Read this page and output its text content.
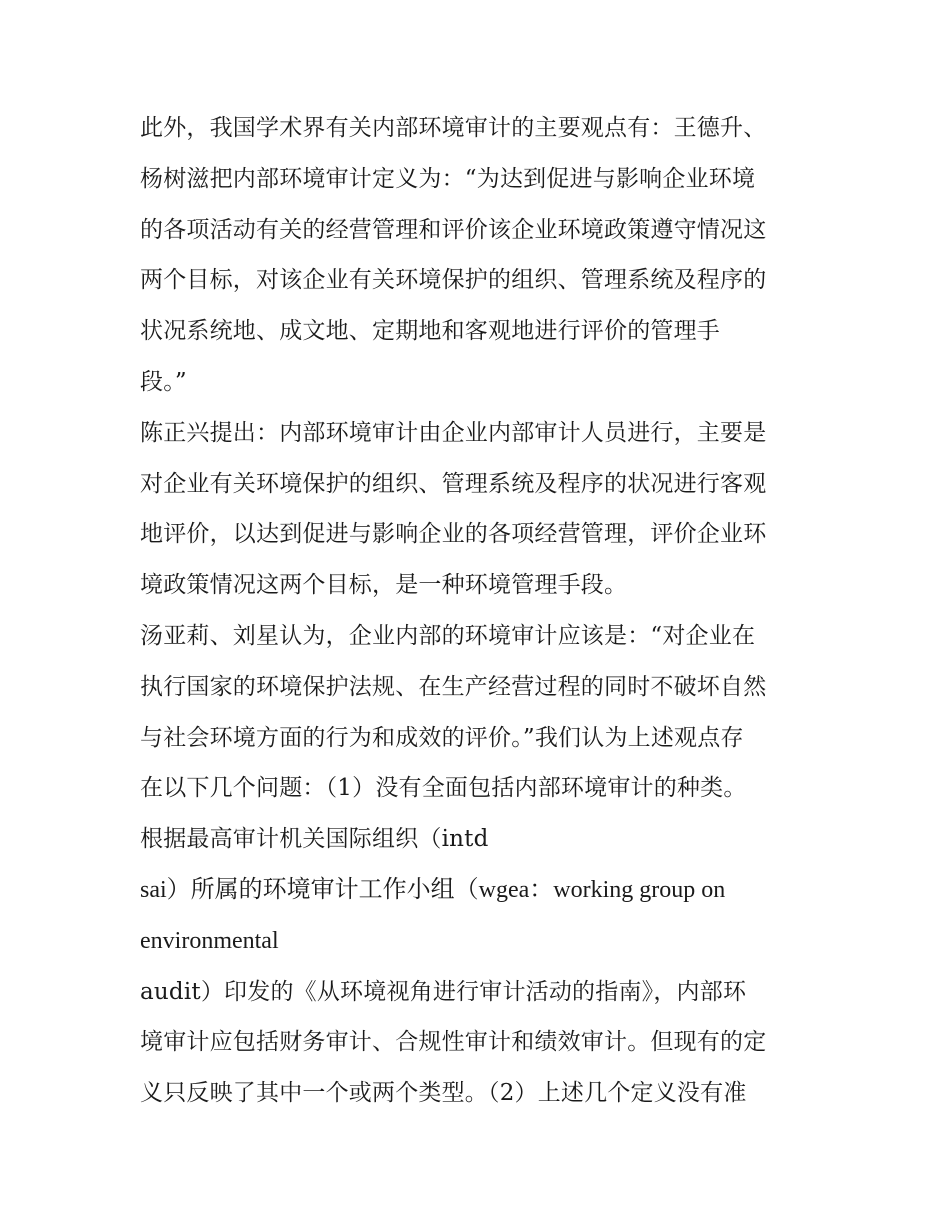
此外，我国学术界有关内部环境审计的主要观点有：王德升、
杨树滋把内部环境审计定义为：“为达到促进与影响企业环境
的各项活动有关的经营管理和评价该企业环境政策遵守情况这
两个目标，对该企业有关环境保护的组织、管理系统及程序的
状况系统地、成文地、定期地和客观地进行评价的管理手
段。”
陈正兴提出：内部环境审计由企业内部审计人员进行，主要是
对企业有关环境保护的组织、管理系统及程序的状况进行客观
地评价，以达到促进与影响企业的各项经营管理，评价企业环
境政策情况这两个目标，是一种环境管理手段。
汤亚莉、刘星认为，企业内部的环境审计应该是：“对企业在
执行国家的环境保护法规、在生产经营过程的同时不破坏自然
与社会环境方面的行为和成效的评价。”我们认为上述观点存
在以下几个问题：（1）没有全面包括内部环境审计的种类。
根据最高审计机关国际组织（intd
sai）所属的环境审计工作小组（wgea：working group on
environmental
audit）印发的《从环境视角进行审计活动的指南》，内部环
境审计应包括财务审计、合规性审计和绩效审计。但现有的定
义只反映了其中一个或两个类型。（2）上述几个定义没有准
